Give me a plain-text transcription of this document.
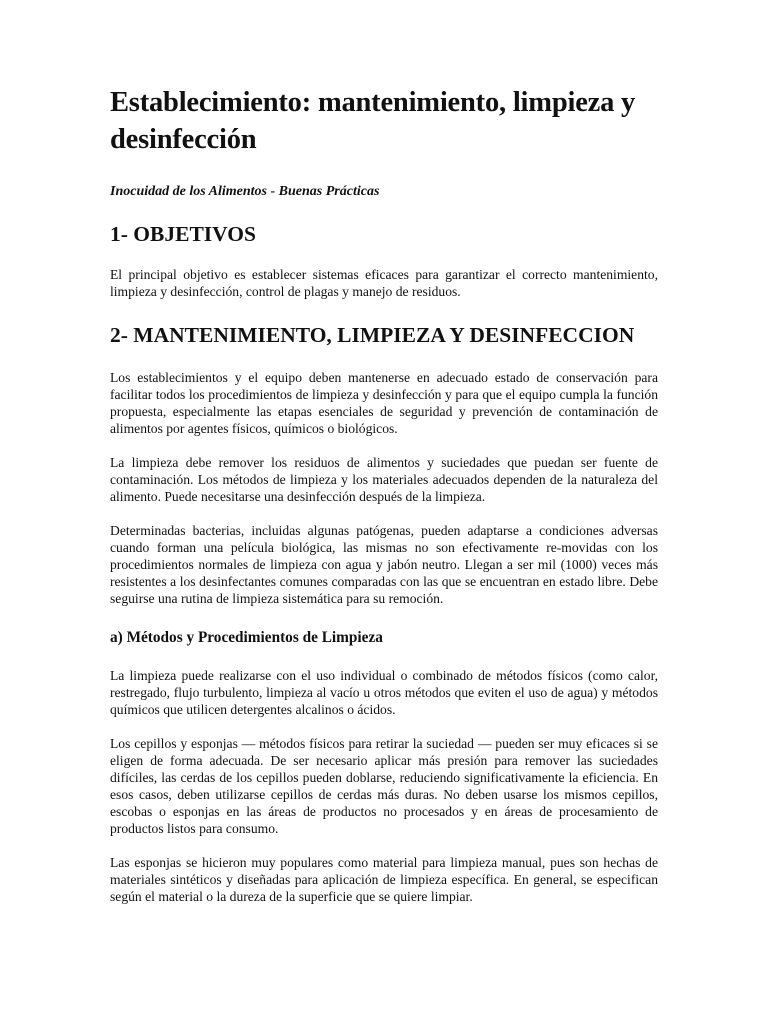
Establecimiento: mantenimiento, limpieza y desinfección
Inocuidad de los Alimentos - Buenas Prácticas
1- OBJETIVOS

El principal objetivo es establecer sistemas eficaces para garantizar el correcto mantenimiento, limpieza y desinfección, control de plagas y manejo de residuos.

2- MANTENIMIENTO, LIMPIEZA Y DESINFECCION

Los establecimientos y el equipo deben mantenerse en adecuado estado de conservación para facilitar todos los procedimientos de limpieza y desinfección y para que el equipo cumpla la función propuesta, especialmente las etapas esenciales de seguridad y prevención de contaminación de alimentos por agentes físicos, químicos o biológicos.

La limpieza debe remover los residuos de alimentos y suciedades que puedan ser fuente de contaminación. Los métodos de limpieza y los materiales adecuados dependen de la naturaleza del alimento. Puede necesitarse una desinfección después de la limpieza.

Determinadas bacterias, incluidas algunas patógenas, pueden adaptarse a condiciones adversas cuando forman una película biológica, las mismas no son efectivamente re-movidas con los procedimientos normales de limpieza con agua y jabón neutro. Llegan a ser mil (1000) veces más resistentes a los desinfectantes comunes comparadas con las que se encuentran en estado libre. Debe seguirse una rutina de limpieza sistemática para su remoción.

a) Métodos y Procedimientos de Limpieza

La limpieza puede realizarse con el uso individual o combinado de métodos físicos (como calor, restregado, flujo turbulento, limpieza al vacío u otros métodos que eviten el uso de agua) y métodos químicos que utilicen detergentes alcalinos o ácidos.

Los cepillos y esponjas — métodos físicos para retirar la suciedad — pueden ser muy eficaces si se eligen de forma adecuada. De ser necesario aplicar más presión para remover las suciedades difíciles, las cerdas de los cepillos pueden doblarse, reduciendo significativamente la eficiencia. En esos casos, deben utilizarse cepillos de cerdas más duras. No deben usarse los mismos cepillos, escobas o esponjas en las áreas de productos no procesados y en áreas de procesamiento de productos listos para consumo.

Las esponjas se hicieron muy populares como material para limpieza manual, pues son hechas de materiales sintéticos y diseñadas para aplicación de limpieza específica. En general, se especifican según el material o la dureza de la superficie que se quiere limpiar.
